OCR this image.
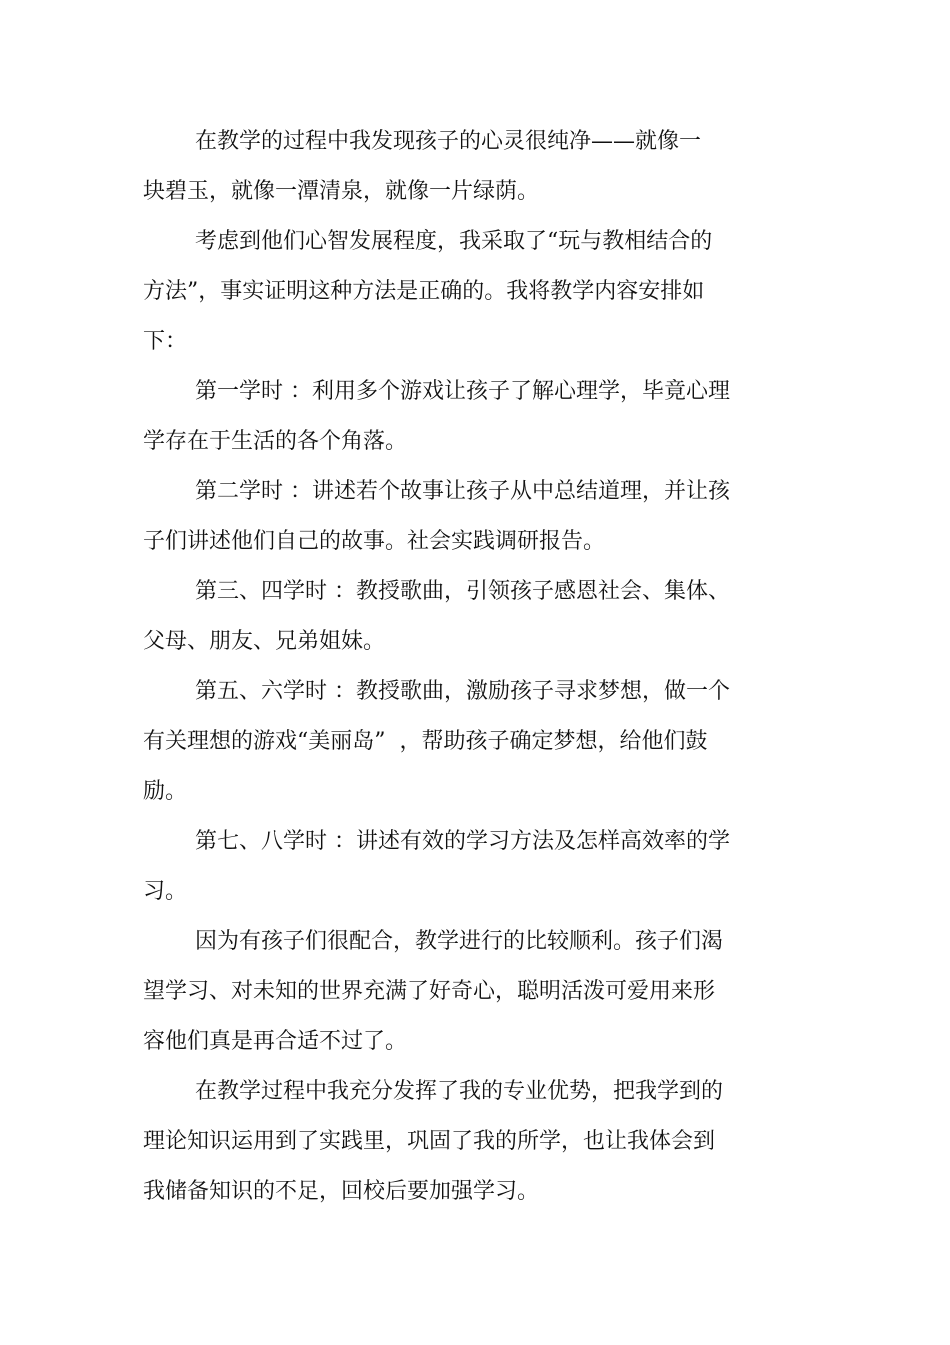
在教学的过程中我发现孩子的心灵很纯净——就像一
块碧玉，就像一潭清泉，就像一片绿荫。
考虑到他们心智发展程度，我采取了“玩与教相结合的
方法”，事实证明这种方法是正确的。我将教学内容安排如
下：
第一学时 ：利用多个游戏让孩子了解心理学，毕竟心理
学存在于生活的各个角落。
第二学时 ：讲述若个故事让孩子从中总结道理，并让孩
子们讲述他们自己的故事。社会实践调研报告。
第三、四学时 ：教授歌曲，引领孩子感恩社会、集体、
父母、朋友、兄弟姐妹。
第五、六学时 ：教授歌曲，激励孩子寻求梦想，做一个
有关理想的游戏“美丽岛”  ，帮助孩子确定梦想，给他们鼓
励。
第七、八学时 ：讲述有效的学习方法及怎样高效率的学
习。
因为有孩子们很配合，教学进行的比较顺利。孩子们渴
望学习、对未知的世界充满了好奇心，聪明活泼可爱用来形
容他们真是再合适不过了。
在教学过程中我充分发挥了我的专业优势，把我学到的
理论知识运用到了实践里，巩固了我的所学，也让我体会到
我储备知识的不足，回校后要加强学习。
